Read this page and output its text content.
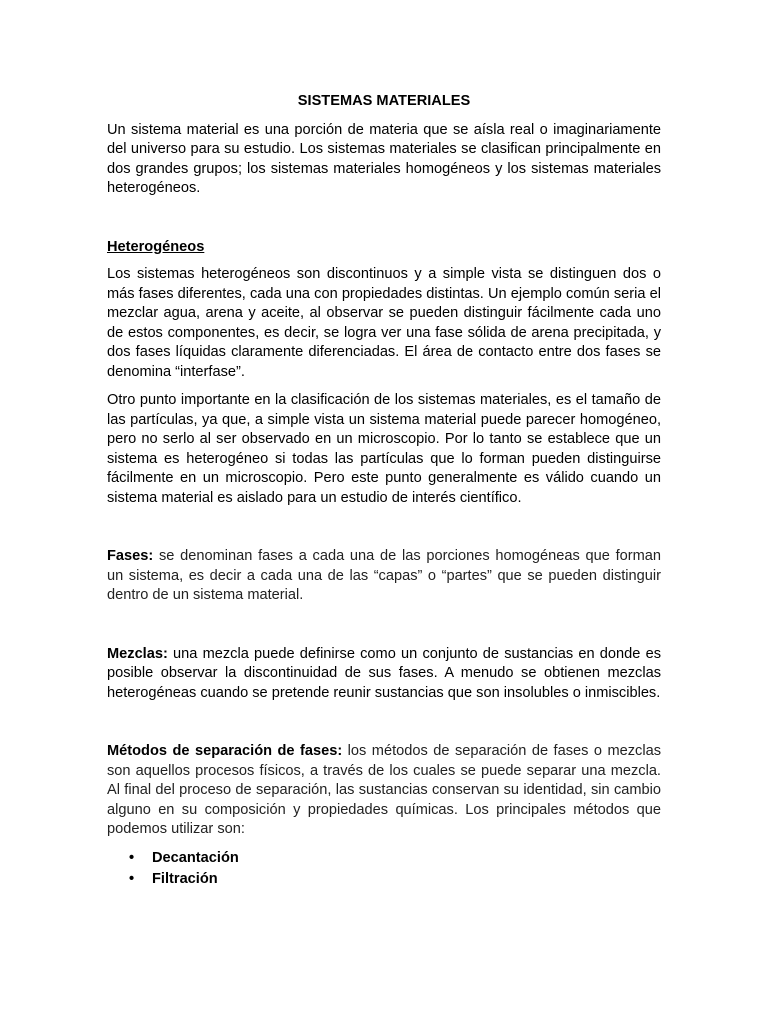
SISTEMAS MATERIALES

Un sistema material es una porción de materia que se aísla real o imaginariamente del universo para su estudio. Los sistemas materiales se clasifican principalmente en dos grandes grupos; los sistemas materiales homogéneos y los sistemas materiales heterogéneos.

Heterogéneos

Los sistemas heterogéneos son discontinuos y a simple vista se distinguen dos o más fases diferentes, cada una con propiedades distintas. Un ejemplo común seria el mezclar agua, arena y aceite, al observar se pueden distinguir fácilmente cada uno de estos componentes, es decir, se logra ver una fase sólida de arena precipitada, y dos fases líquidas claramente diferenciadas. El área de contacto entre dos fases se denomina “interfase”.

Otro punto importante en la clasificación de los sistemas materiales, es el tamaño de las partículas, ya que, a simple vista un sistema material puede parecer homogéneo, pero no serlo al ser observado en un microscopio. Por lo tanto se establece que un sistema es heterogéneo si todas las partículas que lo forman pueden distinguirse fácilmente en un microscopio. Pero este punto generalmente es válido cuando un sistema material es aislado para un estudio de interés científico.

Fases: se denominan fases a cada una de las porciones homogéneas que forman un sistema, es decir a cada una de las “capas” o “partes” que se pueden distinguir dentro de un sistema material.

Mezclas: una mezcla puede definirse como un conjunto de sustancias en donde es posible observar la discontinuidad de sus fases. A menudo se obtienen mezclas heterogéneas cuando se pretende reunir sustancias que son insolubles o inmiscibles.

Métodos de separación de fases: los métodos de separación de fases o mezclas son aquellos procesos físicos, a través de los cuales se puede separar una mezcla. Al final del proceso de separación, las sustancias conservan su identidad, sin cambio alguno en su composición y propiedades químicas. Los principales métodos que podemos utilizar son:

• Decantación
• Filtración
